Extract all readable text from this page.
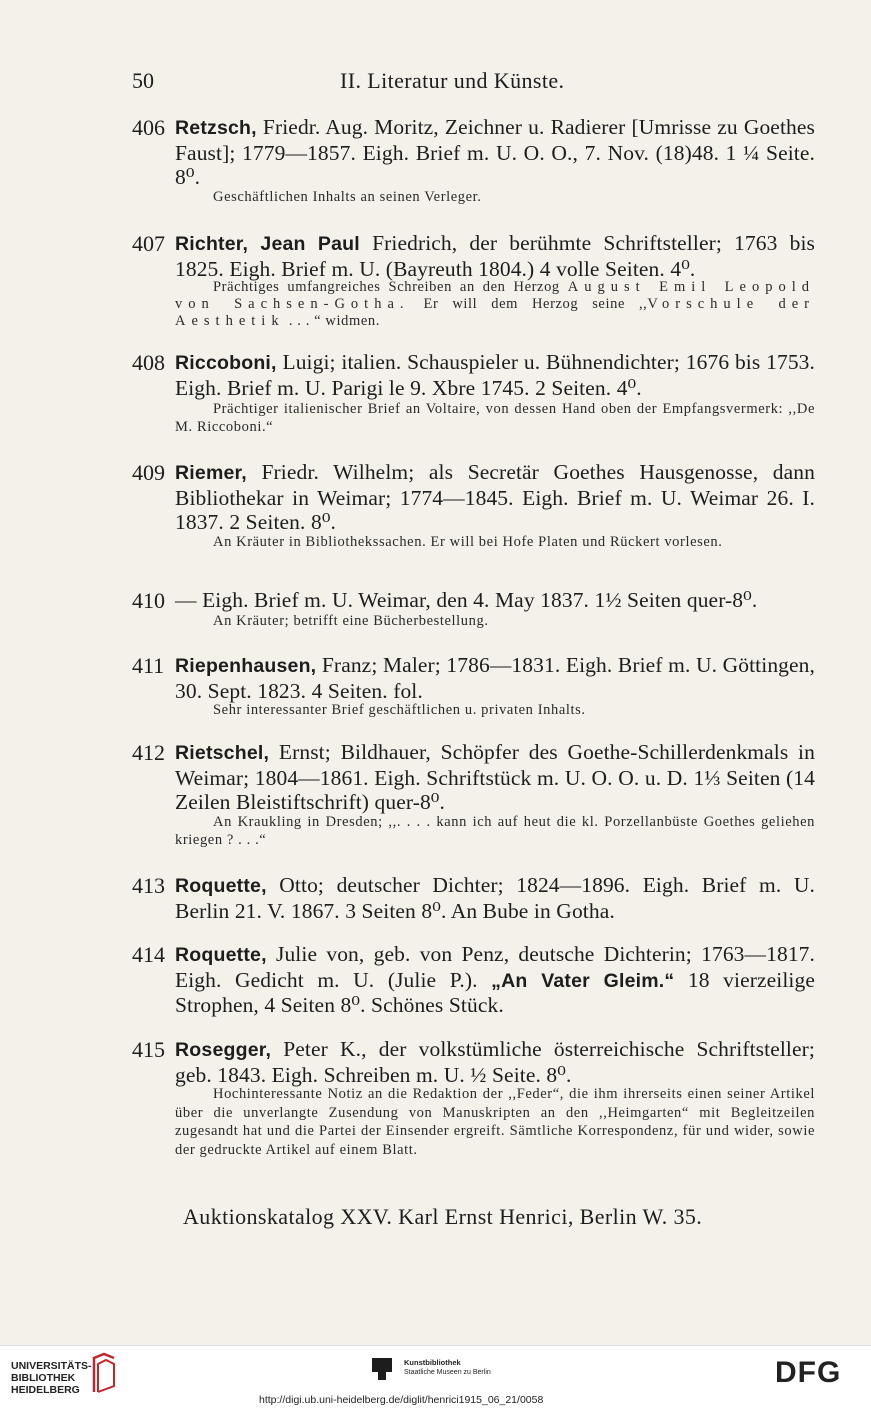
50	II. Literatur und Künste.
406 Retzsch, Friedr. Aug. Moritz, Zeichner u. Radierer [Umrisse zu Goethes Faust]; 1779—1857. Eigh. Brief m. U. O. O., 7. Nov. (18)48. 1 ¼ Seite. 8⁰.
Geschäftlichen Inhalts an seinen Verleger.
407 Richter, Jean Paul Friedrich, der berühmte Schriftsteller; 1763 bis 1825. Eigh. Brief m. U. (Bayreuth 1804.) 4 volle Seiten. 4⁰.
Prächtiges umfangreiches Schreiben an den Herzog August Emil Leopold von Sachsen-Gotha. Er will dem Herzog seine ,,Vorschule der Aesthetik . . . “ widmen.
408 Riccoboni, Luigi; italien. Schauspieler u. Bühnendichter; 1676 bis 1753. Eigh. Brief m. U. Parigi le 9. Xbre 1745. 2 Seiten. 4⁰.
Prächtiger italienischer Brief an Voltaire, von dessen Hand oben der Empfangsvermerk: ,,De M. Riccoboni.“
409 Riemer, Friedr. Wilhelm; als Secretär Goethes Hausgenosse, dann Bibliothekar in Weimar; 1774—1845. Eigh. Brief m. U. Weimar 26. I. 1837. 2 Seiten. 8⁰.
An Kräuter in Bibliothekssachen. Er will bei Hofe Platen und Rückert vorlesen.
410 — Eigh. Brief m. U. Weimar, den 4. May 1837. 1½ Seiten quer-8⁰.
An Kräuter; betrifft eine Bücherbestellung.
411 Riepenhausen, Franz; Maler; 1786—1831. Eigh. Brief m. U. Göttingen, 30. Sept. 1823. 4 Seiten. fol.
Sehr interessanter Brief geschäftlichen u. privaten Inhalts.
412 Rietschel, Ernst; Bildhauer, Schöpfer des Goethe-Schillerdenkmals in Weimar; 1804—1861. Eigh. Schriftstück m. U. O. O. u. D. 1⅓ Seiten (14 Zeilen Bleistiftschrift) quer-8⁰.
An Kraukling in Dresden; ,,. . . . kann ich auf heut die kl. Porzellanbüste Goethes geliehen kriegen ? . . .“
413 Roquette, Otto; deutscher Dichter; 1824—1896. Eigh. Brief m. U. Berlin 21. V. 1867. 3 Seiten 8⁰. An Bube in Gotha.
414 Roquette, Julie von, geb. von Penz, deutsche Dichterin; 1763—1817. Eigh. Gedicht m. U. (Julie P.). „An Vater Gleim.“ 18 vierzeilige Strophen, 4 Seiten 8⁰. Schönes Stück.
415 Rosegger, Peter K., der volkstümliche österreichische Schriftsteller; geb. 1843. Eigh. Schreiben m. U. ½ Seite. 8⁰.
Hochinteressante Notiz an die Redaktion der ,,Feder“, die ihm ihrerseits einen seiner Artikel über die unverlangte Zusendung von Manuskripten an den ,,Heimgarten“ mit Begleitzeilen zugesandt hat und die Partei der Einsender ergreift. Sämtliche Korrespondenz, für und wider, sowie der gedruckte Artikel auf einem Blatt.
Auktionskatalog XXV. Karl Ernst Henrici, Berlin W. 35.
UNIVERSITÄTS-
BIBLIOTHEK
HEIDELBERG
Kunstbibliothek
Staatliche Museen zu Berlin	DFG
http://digi.ub.uni-heidelberg.de/diglit/henrici1915_06_21/0058
